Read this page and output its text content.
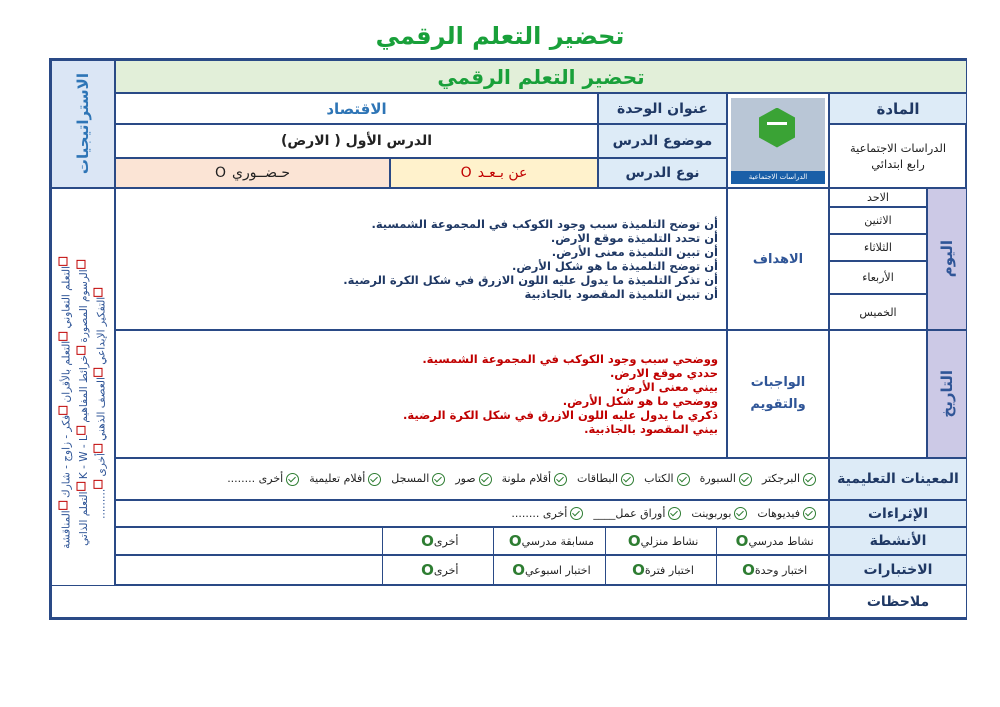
تحضير التعلم الرقمي
تحضير التعلم الرقمي
الاستراتيجيات
التعلم التعاوني التعلم بالأقران فكر - زاوج - شارك المناقشة
الرسوم المصورة خرائط المفاهيم K - W - L التعلم الذاتي
التفكير الإبداعي العصف الذهني أخرى .........
المادة
الدراسات الاجتماعية
رابع ابتدائي
الدراسات الاجتماعية
عنوان الوحدة
الاقتصاد
موضوع الدرس
الدرس الأول ( الارض)
نوع الدرس
عن بـعـد
O
حـضــوري
O
اليوم
الاحد
الاثنين
الثلاثاء
الأربعاء
الخميس
التاريخ
الاهداف
أن توضح التلميذة سبب وجود الكوكب في المجموعة الشمسية.
أن تحدد التلميذة موقع الارض.
أن تبين التلميذة معنى الأرض.
أن توضح التلميذة ما هو شكل الأرض.
أن تذكر التلميذة ما يدول عليه اللون الازرق في شكل الكرة الرضية.
أن تبين التلميذة المقصود بالجاذبية
الواجبات
والتقويم
ووضحي سبب وجود الكوكب في المجموعة الشمسية.
حددي موقع الارض.
بيني معنى الأرض.
ووضحي ما هو شكل الأرض.
ذكري ما يدول عليه اللون الازرق في شكل الكرة الرضية.
بيني المقصود بالجاذبية.
المعينات التعليمية
البرجكترالسبورةالكتابالبطاقاتأقلام ملونةصورالمسجلأفلام تعليميةأخرى ........
الإثراءات
فيديوهاتبوربوينتأوراق عمل____أخرى ........
الأنشطة
نشاط مدرسي
O
نشاط منزلي
O
مسابقة مدرسي
O
أخرى
O
الاختبارات
اختبار وحدة
O
اختبار فترة
O
اختبار اسبوعي
O
أخرى
O
ملاحظات
